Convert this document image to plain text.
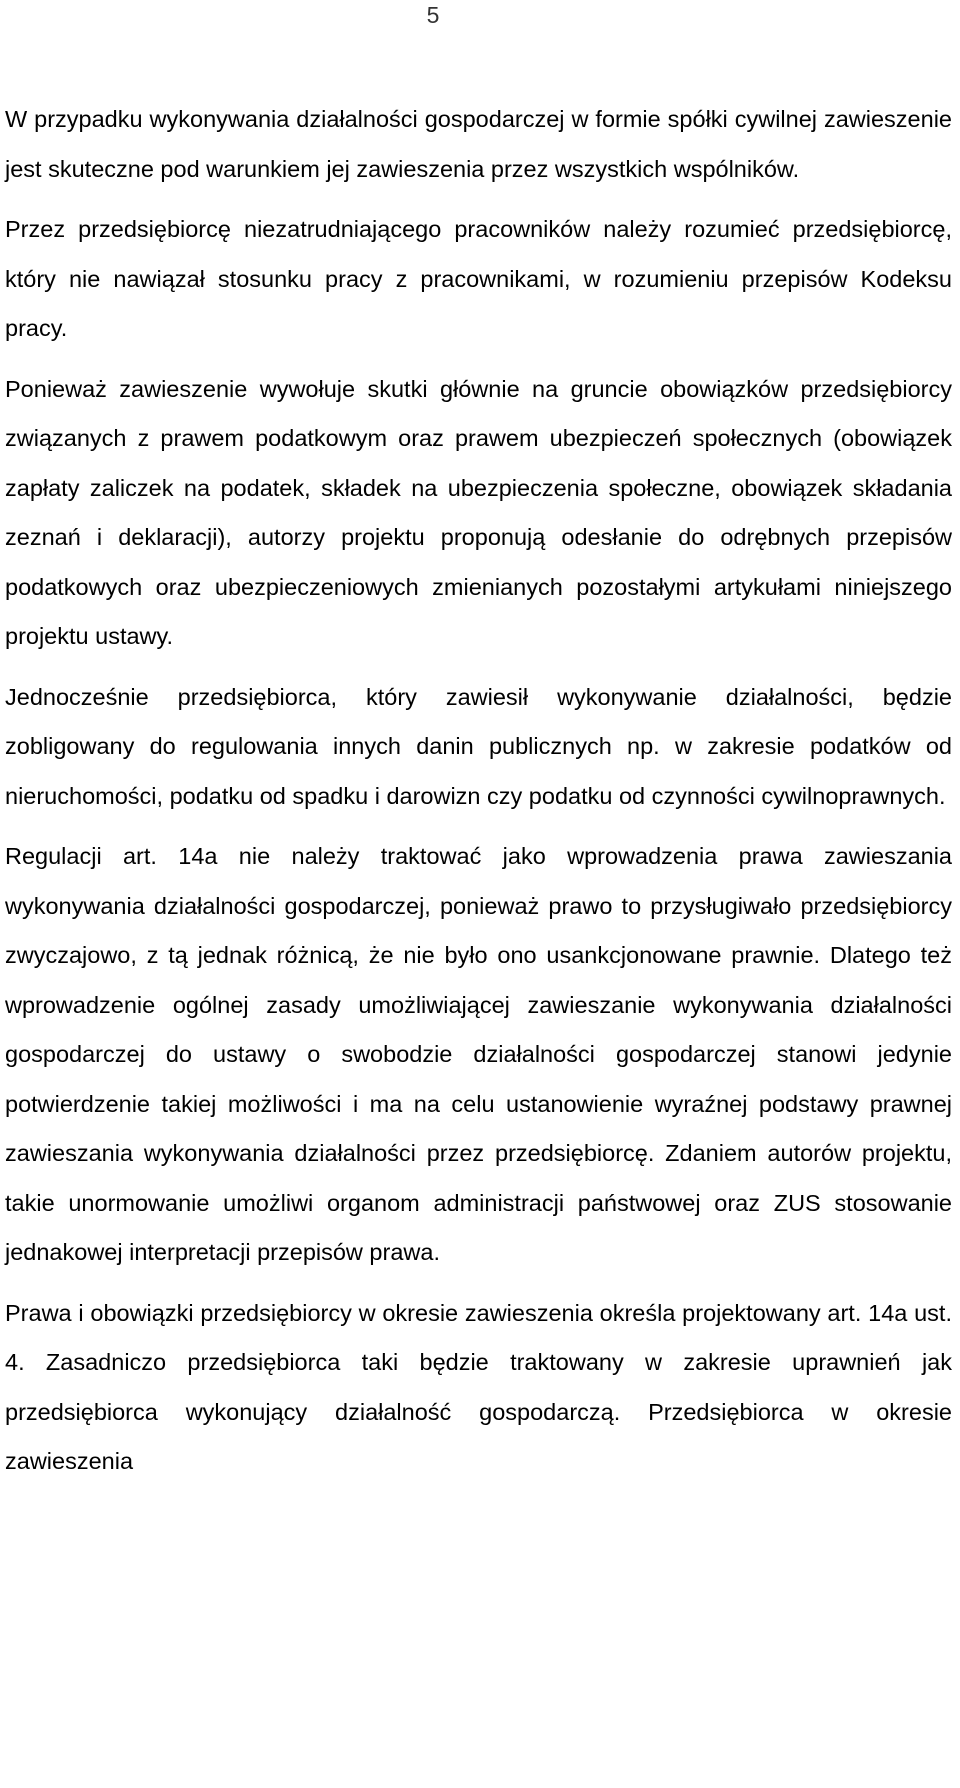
5

W przypadku wykonywania działalności gospodarczej w formie spółki cywilnej zawieszenie jest skuteczne pod warunkiem jej zawieszenia przez wszystkich wspólników.

Przez przedsiębiorcę niezatrudniającego pracowników należy rozumieć przedsiębiorcę, który nie nawiązał stosunku pracy z pracownikami, w rozumieniu przepisów Kodeksu pracy.

Ponieważ zawieszenie wywołuje skutki głównie na gruncie obowiązków przedsiębiorcy związanych z prawem podatkowym oraz prawem ubezpieczeń społecznych (obowiązek zapłaty zaliczek na podatek, składek na ubezpieczenia społeczne, obowiązek składania zeznań i deklaracji), autorzy projektu proponują odesłanie do odrębnych przepisów podatkowych oraz ubezpieczeniowych zmienianych pozostałymi artykułami niniejszego projektu ustawy.

Jednocześnie przedsiębiorca, który zawiesił wykonywanie działalności, będzie zobligowany do regulowania innych danin publicznych np. w zakresie podatków od nieruchomości, podatku od spadku i darowizn czy podatku od czynności cywilnoprawnych.

Regulacji art. 14a nie należy traktować jako wprowadzenia prawa zawieszania wykonywania działalności gospodarczej, ponieważ prawo to przysługiwało przedsiębiorcy zwyczajowo, z tą jednak różnicą, że nie było ono usankcjonowane prawnie. Dlatego też wprowadzenie ogólnej zasady umożliwiającej zawieszanie wykonywania działalności gospodarczej do ustawy o swobodzie działalności gospodarczej stanowi jedynie potwierdzenie takiej możliwości i ma na celu ustanowienie wyraźnej podstawy prawnej zawieszania wykonywania działalności przez przedsiębiorcę. Zdaniem autorów projektu, takie unormowanie umożliwi organom administracji państwowej oraz ZUS stosowanie jednakowej interpretacji przepisów prawa.

Prawa i obowiązki przedsiębiorcy w okresie zawieszenia określa projektowany art. 14a ust. 4. Zasadniczo przedsiębiorca taki będzie traktowany w zakresie uprawnień jak przedsiębiorca wykonujący działalność gospodarczą. Przedsiębiorca w okresie zawieszenia
